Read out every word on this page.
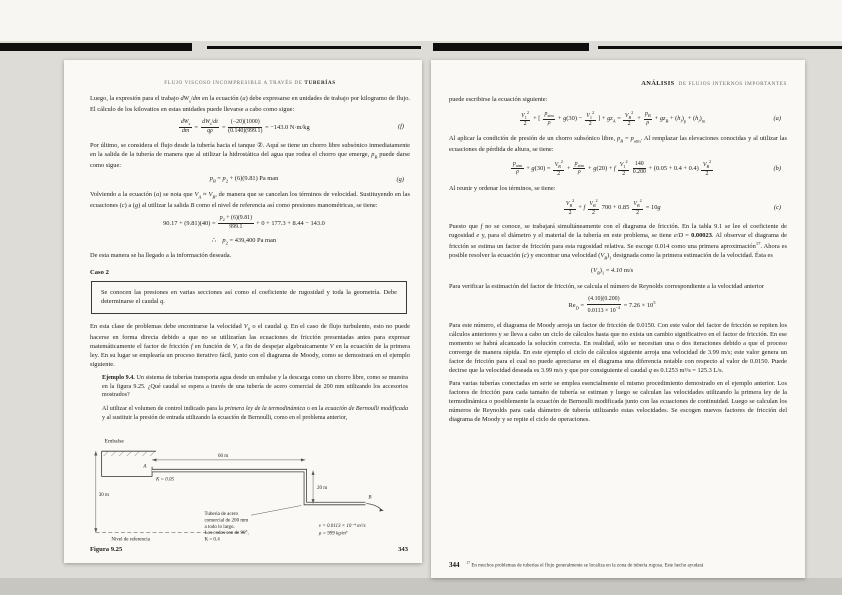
FLUJO VISCOSO INCOMPRESIBLE A TRAVÉS DE TUBERÍAS

Luego, la expresión para el trabajo $dW_s/dm$ en la ecuación (a) debe expresarse en unidades de trabajo por kilogramo de flujo. El cálculo de los kilovatios en estas unidades puede llevarse a cabo como sigue:

$dW_s$
dm
=
$dW_s/dt$
qρ
= $\frac{(-20)(1000)}{(0.140)(999.1)} = -143.0$ N·m/kg	(f)

Por último, se considera el flujo desde la tubería hacia el tanque ②. Aquí se tiene un chorro libre subsónico inmediatamente en la salida de la tubería de manera que al utilizar la hidrostática del agua que rodea el chorro que emerge, $p_B$ puede darse como sigue:

$p_B = p_2 + (6)(9.81)$ Pa man	(g)

Volviendo a la ecuación (a) se nota que $V_A \approx V_B$, de manera que se cancelan los términos de velocidad. Sustituyendo en las ecuaciones (c) a (g) al utilizar la salida B como el nivel de referencia así como presiones manométricas, se tiene:

$90.17 + (9.81)(40) = \frac{p_2 + (6)(9.81)}{999.1} + 0 + 177.3 + 8.44 - 143.0$
∴ $p_2 = 439,400$ Pa man

De esta manera se ha llegado a la información deseada.

Caso 2
Se conocen las presiones en varias secciones así como el coeficiente de rugosidad y toda la geometría. Debe determinarse el caudal q.

En esta clase de problemas debe encontrarse la velocidad $V_0$ o el caudal q. En el caso de flujo turbulento, esto no puede hacerse en forma directa debido a que no se utilizarían las ecuaciones de fricción presentadas antes para expresar matemáticamente el factor de fricción f en función de V, a fin de despejar algebraicamente V en la ecuación de la primera ley. En su lugar se emplearía un proceso iterativo fácil, junto con el diagrama de Moody, como se demostrará en el ejemplo siguiente.

Ejemplo 9.4. Un sistema de tuberías transporta agua desde un embalse y la descarga como un chorro libre, como se muestra en la figura 9.25. ¿Qué caudal se espera a través de una tubería de acero comercial de 200 mm utilizando los accesorios mostrados?

Al utilizar el volumen de control indicado para la primera ley de la termodinámica o en la ecuación de Bernoulli modificada y al sustituir la presión de entrada utilizando la ecuación de Bernoulli, como en el problema anterior,

Embalse
K = 0.05
30 m
60 m
20 m
A
B
Nivel de referencia
Tubería de acero
comercial de 200 mm
a todo lo largo.
Los codos son de 90°,
K = 0.4
ν = 0.0113 × 10⁻⁴ m²/s
ρ = 999 kg/m³
Figura 9.25	343
ANÁLISIS DE FLUJOS INTERNOS IMPORTANTES

puede escribirse la ecuación siguiente:

$\frac{V_1^2}{2}$ + [
$p_{atm}$
ρ
+ $g(30) - \frac{V_1^2}{2}$ ] + $gz_A = \frac{V_B^2}{2} + \frac{p_B}{\rho} + gz_B + (h_l)_p + (h_l)_m$	(a)

Al aplicar la condición de presión de un chorro subsónico libre, $p_B = p_{atm}$. Al remplazar las elevaciones conocidas y al utilizar las ecuaciones de pérdida de altura, se tiene:

$p_{atm}$
ρ
+ $g(30) = \frac{V_B^2}{2}$ +
$p_{atm}$
ρ
+ g(20) + f $\frac{V_1^2}{2}$
$\frac{140}{0.200} + (0.05 + 0.4 + 0.4) \frac{V_B^2}{2}$	(b)

Al reunir y ordenar los términos, se tiene:

$\frac{V_B^2}{2} + f \frac{V_B^2}{2} 700 + 0.85 \frac{V_B^2}{2} = 10g$	(c)

Puesto que f no se conoce, se trabajará simultáneamente con el diagrama de fricción. En la tabla 9.1 se lee el coeficiente de rugosidad e y, para el diámetro y el material de la tubería en este problema, se tiene e/D = 0.00023. Al observar el diagrama de fricción se estima un factor de fricción para esta rugosidad relativa. Se escoge 0.014 como una primera aproximación$^{17}$. Ahora es posible resolver la ecuación (c) y encontrar una velocidad $(V_B)_1$ designada como la primera estimación de la velocidad. Ésta es

$(V_B)_1 = 4.10$ m/s

Para verificar la estimación del factor de fricción, se calcula el número de Reynolds correspondiente a la velocidad anterior

$Re_D = \frac{(4.10)(0.200)}{0.0113 \times 10^{-4}} = 7.26 \times 10^5$

Para este número, el diagrama de Moody arroja un factor de fricción de 0.0150. Con este valor del factor de fricción se repiten los cálculos anteriores y se lleva a cabo un ciclo de cálculos hasta que no exista un cambio significativo en el factor de fricción. En ese momento se habrá alcanzado la solución correcta. En realidad, sólo se necesitan una o dos iteraciones debido a que el proceso converge de manera rápida. En este ejemplo el ciclo de cálculos siguiente arroja una velocidad de 3.99 m/s; este valor genera un factor de fricción para el cual no puede apreciarse en el diagrama una diferencia notable con respecto al valor de 0.0150. Puede decirse que la velocidad deseada es 3.99 m/s y que por consiguiente el caudal q es 0.1253 m³/s = 125.3 L/s.

Para varias tuberías conectadas en serie se emplea esencialmente el mismo procedimiento demostrado en el ejemplo anterior. Los factores de fricción para cada tamaño de tubería se estiman y luego se calculan las velocidades utilizando la primera ley de la termodinámica o posiblemente la ecuación de Bernoulli modificada junto con las ecuaciones de continuidad. Luego se calculan los números de Reynolds para cada diámetro de tubería utilizando estas velocidades. Se escogen nuevos factores de fricción del diagrama de Moody y se repite el ciclo de operaciones.

344 $^{17}$ En muchos problemas de tuberías el flujo generalmente se localiza en la zona de tubería rugosa. Este hecho ayudará
